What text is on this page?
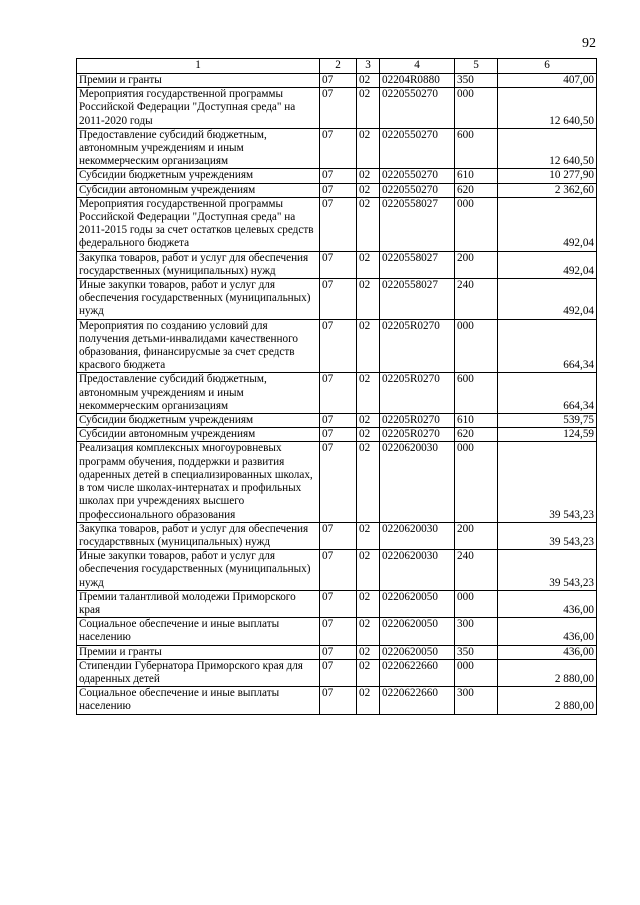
92
1	2	3	4	5	6
Премии и гранты	07	02	02204R0880	350	407,00
Мероприятия государственной программы Российской Федерации "Доступная среда" на 2011-2020 годы	07	02	0220550270	000	12 640,50
Предоставление субсидий бюджетным, автономным учреждениям и иным некоммерческим организациям	07	02	0220550270	600	12 640,50
Субсидии бюджетным учреждениям	07	02	0220550270	610	10 277,90
Субсидии автономным учреждениям	07	02	0220550270	620	2 362,60
Мероприятия государственной программы Российской Федерации "Доступная среда" на 2011-2015 годы за счет остатков целевых средств федерального бюджета	07	02	0220558027	000	492,04
Закупка товаров, работ и услуг для обеспечения государственных (муниципальных) нужд	07	02	0220558027	200	492,04
Иные закупки товаров, работ и услуг для обеспечения государственных (муниципальных) нужд	07	02	0220558027	240	492,04
Мероприятия по созданию условий для получения детьми-инвалидами качественного образования, финансирусмые за счет средств красвого бюджета	07	02	02205R0270	000	664,34
Предоставление субсидий бюджетным, автономным учреждениям и иным некоммерческим организациям	07	02	02205R0270	600	664,34
Субсидии бюджетным учреждениям	07	02	02205R0270	610	539,75
Субсидии автономным учреждениям	07	02	02205R0270	620	124,59
Реализация комплексных многоуровневых программ обучения, поддержки и развития одаренных детей в специализированных школах, в том числе школах-интернатах и профильных школах при учреждениях высшего профессионального образования	07	02	0220620030	000	39 543,23
Закупка товаров, работ и услуг для обеспечения государстввных (муниципальных) нужд	07	02	0220620030	200	39 543,23
Иные закупки товаров, работ и услуг для обеспечения государственных (муниципальных) нужд	07	02	0220620030	240	39 543,23
Премии талантливой молодежи Приморского края	07	02	0220620050	000	436,00
Социальное обеспечение и иные выплаты населению	07	02	0220620050	300	436,00
Премии и гранты	07	02	0220620050	350	436,00
Стипендии Губернатора Приморского края для одаренных детей	07	02	0220622660	000	2 880,00
Социальное обеспечение и иные выплаты населению	07	02	0220622660	300	2 880,00
